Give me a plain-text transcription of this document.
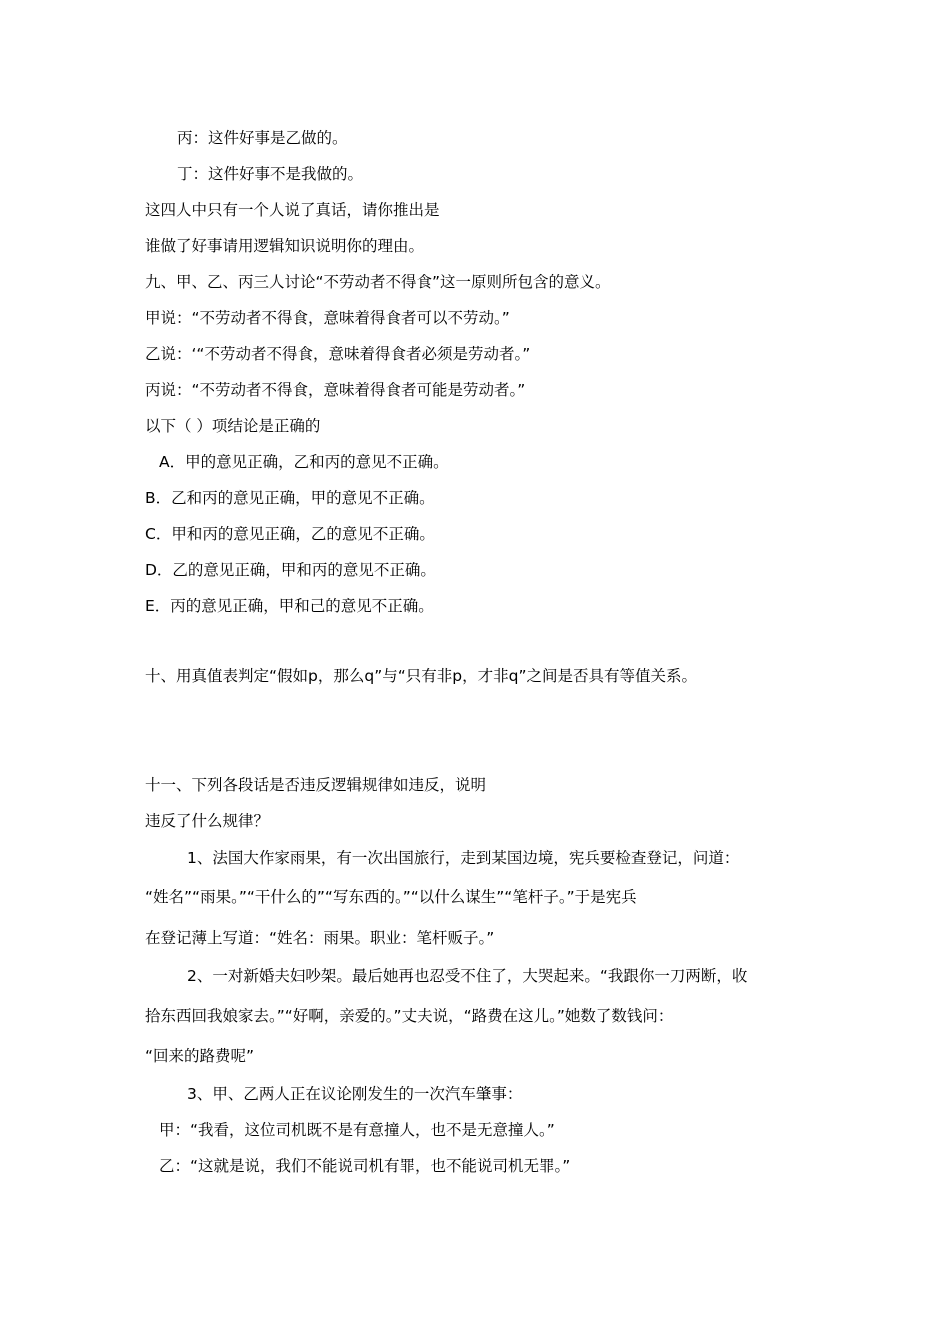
丙：这件好事是乙做的。
丁：这件好事不是我做的。
这四人中只有一个人说了真话，请你推出是
谁做了好事请用逻辑知识说明你的理由。
九、甲、乙、丙三人讨论“不劳动者不得食”这一原则所包含的意义。
甲说：“不劳动者不得食，意味着得食者可以不劳动。”
乙说：‘“不劳动者不得食，意味着得食者必须是劳动者。”
丙说：“不劳动者不得食，意味着得食者可能是劳动者。”
以下（ ）项结论是正确的
A．甲的意见正确，乙和丙的意见不正确。
B．乙和丙的意见正确，甲的意见不正确。
C．甲和丙的意见正确，乙的意见不正确。
D．乙的意见正确，甲和丙的意见不正确。
E．丙的意见正确，甲和己的意见不正确。
十、用真值表判定“假如p，那么q”与“只有非p，才非q”之间是否具有等值关系。
十一、下列各段话是否违反逻辑规律如违反，说明
违反了什么规律？
1、法国大作家雨果，有一次出国旅行，走到某国边境，宪兵要检查登记，问道：
“姓名”“雨果。”“干什么的”“写东西的。”“以什么谋生”“笔杆子。”于是宪兵
在登记薄上写道：“姓名：雨果。职业：笔杆贩子。”
2、一对新婚夫妇吵架。最后她再也忍受不住了，大哭起来。“我跟你一刀两断，收
拾东西回我娘家去。”“好啊，亲爱的。”丈夫说，“路费在这儿。”她数了数钱问：
“回来的路费呢”
3、甲、乙两人正在议论刚发生的一次汽车肇事：
甲：“我看，这位司机既不是有意撞人，也不是无意撞人。”
乙：“这就是说，我们不能说司机有罪，也不能说司机无罪。”
